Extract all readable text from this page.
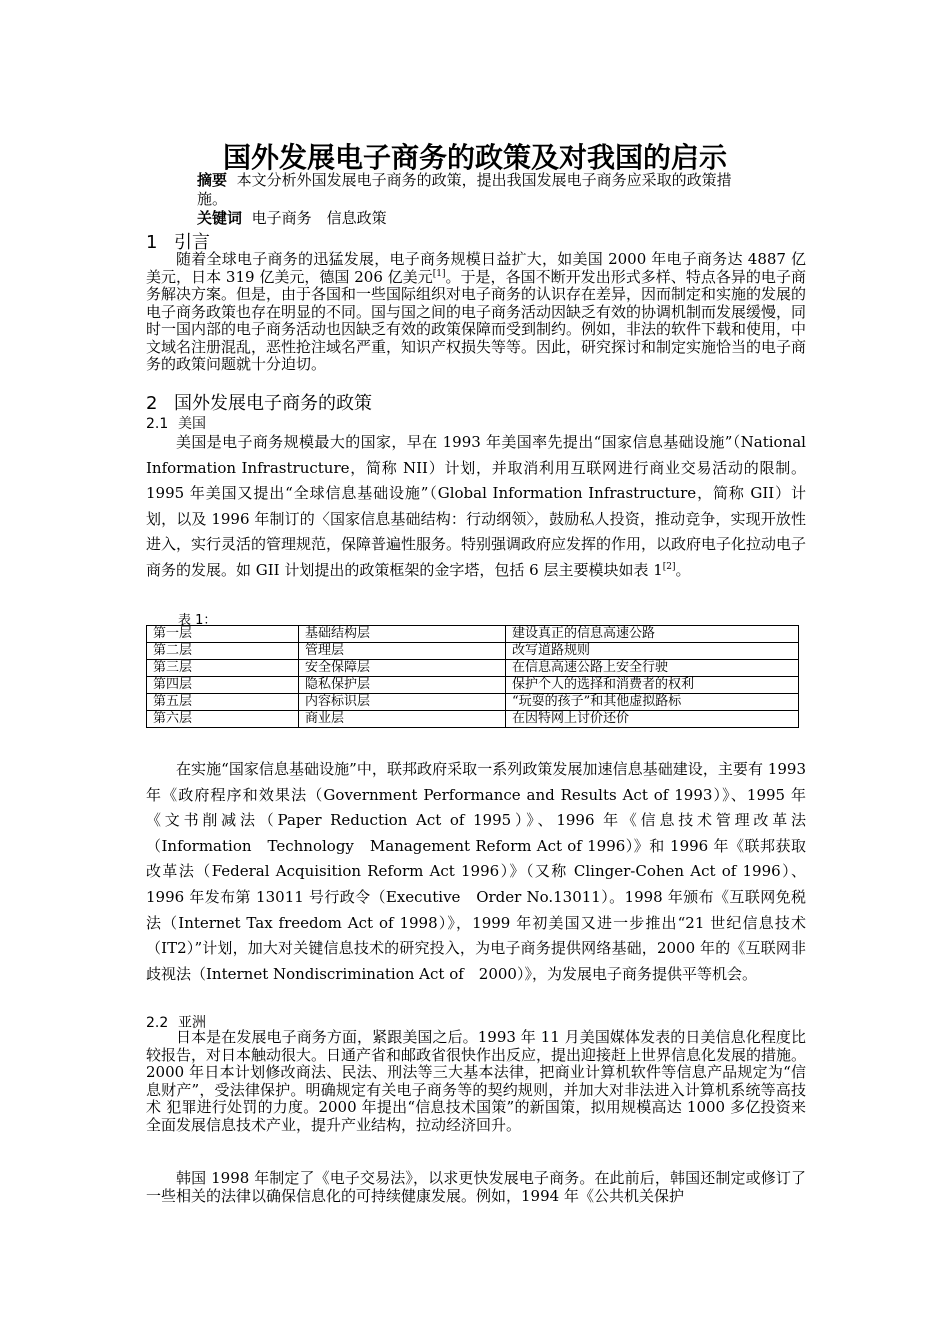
国外发展电子商务的政策及对我国的启示
摘要 本文分析外国发展电子商务的政策，提出我国发展电子商务应采取的政策措施。
关键词 电子商务　信息政策
1 引言
随着全球电子商务的迅猛发展，电子商务规模日益扩大，如美国 2000 年电子商务达 4887 亿美元，日本 319 亿美元，德国 206 亿美元[1]。于是，各国不断开发出形式多样、特点各异的电子商务解决方案。但是，由于各国和一些国际组织对电子商务的认识存在差异，因而制定和实施的发展的电子商务政策也存在明显的不同。国与国之间的电子商务活动因缺乏有效的协调机制而发展缓慢，同时一国内部的电子商务活动也因缺乏有效的政策保障而受到制约。例如，非法的软件下载和使用，中文域名注册混乱，恶性抢注域名严重，知识产权损失等等。因此，研究探讨和制定实施恰当的电子商务的政策问题就十分迫切。
2 国外发展电子商务的政策
2.1 美国
美国是电子商务规模最大的国家，早在 1993 年美国率先提出“国家信息基础设施”（National Information Infrastructure，简称 NII）计划，并取消利用互联网进行商业交易活动的限制。1995 年美国又提出“全球信息基础设施”（Global Information Infrastructure，简称 GII）计划，以及 1996 年制订的〈国家信息基础结构：行动纲领〉，鼓励私人投资，推动竞争，实现开放性进入，实行灵活的管理规范，保障普遍性服务。特别强调政府应发挥的作用，以政府电子化拉动电子商务的发展。如 GII 计划提出的政策框架的金字塔，包括 6 层主要模块如表 1[2]。
表 1：
第一层	基础结构层	建设真正的信息高速公路
第二层	管理层	改写道路规则
第三层	安全保障层	在信息高速公路上安全行驶
第四层	隐私保护层	保护个人的选择和消费者的权利
第五层	内容标识层	“玩耍的孩子”和其他虚拟路标
第六层	商业层	在因特网上讨价还价
在实施“国家信息基础设施”中，联邦政府采取一系列政策发展加速信息基础建设，主要有 1993 年《政府程序和效果法（Government Performance and Results Act of 1993）》、1995 年《文书削减法（Paper Reduction Act of 1995）》、1996 年《信息技术管理改革法（Information　Technology　Management Reform Act of 1996）》和 1996 年《联邦获取改革法（Federal Acquisition Reform Act 1996）》（又称 Clinger-Cohen Act of 1996）、1996 年发布第 13011 号行政令（Executive　Order No.13011）。1998 年颁布《互联网免税法（Internet Tax freedom Act of 1998）》，1999 年初美国又进一步推出“21 世纪信息技术（IT2）”计划，加大对关键信息技术的研究投入，为电子商务提供网络基础，2000 年的《互联网非歧视法（Internet Nondiscrimination Act of　2000）》，为发展电子商务提供平等机会。
2.2 亚洲
日本是在发展电子商务方面，紧跟美国之后。1993 年 11 月美国媒体发表的日美信息化程度比较报告，对日本触动很大。日通产省和邮政省很快作出反应，提出迎接赶上世界信息化发展的措施。2000 年日本计划修改商法、民法、刑法等三大基本法律，把商业计算机软件等信息产品规定为“信息财产”，受法律保护。明确规定有关电子商务等的契约规则，并加大对非法进入计算机系统等高技术 犯罪进行处罚的力度。2000 年提出“信息技术国策”的新国策，拟用规模高达 1000 多亿投资来全面发展信息技术产业，提升产业结构，拉动经济回升。
韩国 1998 年制定了《电子交易法》，以求更快发展电子商务。在此前后，韩国还制定或修订了一些相关的法律以确保信息化的可持续健康发展。例如，1994 年《公共机关保护
